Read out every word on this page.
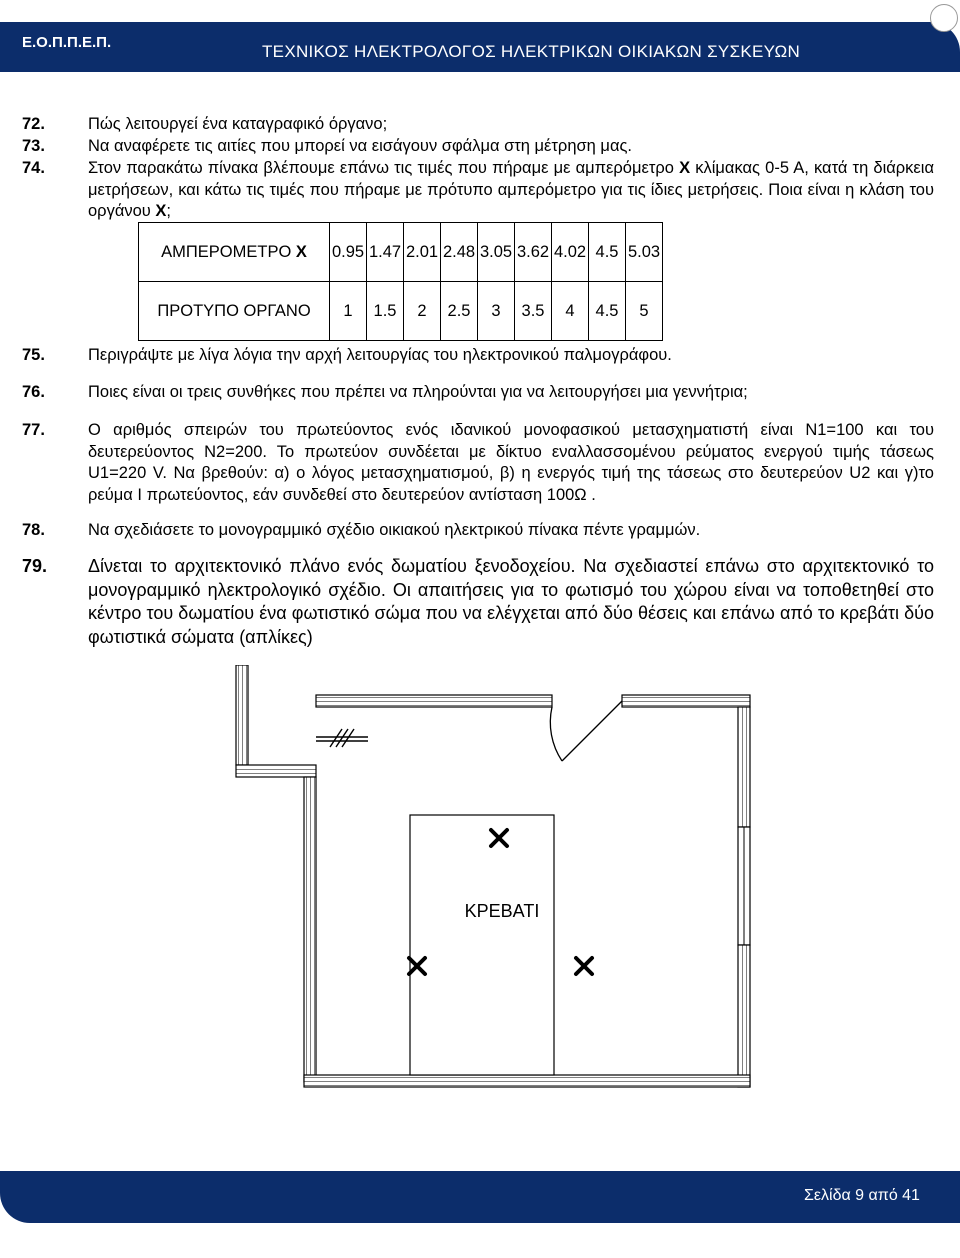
Ε.Ο.Π.Π.Ε.Π.	ΤΕΧΝΙΚΟΣ ΗΛΕΚΤΡΟΛΟΓΟΣ ΗΛΕΚΤΡΙΚΩΝ ΟΙΚΙΑΚΩΝ ΣΥΣΚΕΥΩΝ
72.	Πώς λειτουργεί ένα καταγραφικό όργανο;
73.	Να αναφέρετε τις αιτίες που μπορεί να εισάγουν σφάλμα στη μέτρηση μας.
74.	Στον παρακάτω πίνακα βλέπουμε επάνω τις τιμές που πήραμε με αμπερόμετρο Χ κλίμακας 0-5 Α, κατά τη διάρκεια μετρήσεων, και κάτω τις τιμές που πήραμε με πρότυπο αμπερόμετρο για τις ίδιες μετρήσεις. Ποια είναι η κλάση του οργάνου Χ;
ΑΜΠΕΡΟΜΕΤΡΟ Χ	0.95	1.47	2.01	2.48	3.05	3.62	4.02	4.5	5.03
ΠΡΟΤΥΠΟ ΟΡΓΑΝΟ	1	1.5	2	2.5	3	3.5	4	4.5	5
75.	Περιγράψτε με λίγα λόγια την αρχή λειτουργίας του ηλεκτρονικού παλμογράφου.
76.	Ποιες είναι οι τρεις συνθήκες που πρέπει να πληρούνται για να λειτουργήσει μια γεννήτρια;
77.	Ο αριθμός σπειρών του πρωτεύοντος ενός ιδανικού μονοφασικού μετασχηματιστή είναι Ν1=100 και του δευτερεύοντος Ν2=200. Το πρωτεύον συνδέεται με δίκτυο εναλλασσομένου ρεύματος ενεργού τιμής τάσεως U1=220 V. Να βρεθούν: α) ο λόγος μετασχηματισμού, β) η ενεργός τιμή της τάσεως στο δευτερεύον U2 και γ)το ρεύμα Ι πρωτεύοντος, εάν συνδεθεί στο δευτερεύον αντίσταση 100Ω .
78.	Να σχεδιάσετε το μονογραμμικό σχέδιο οικιακού ηλεκτρικού πίνακα πέντε γραμμών.
79. Δίνεται το αρχιτεκτονικό πλάνο ενός δωματίου ξενοδοχείου. Να σχεδιαστεί επάνω στο αρχιτεκτονικό το μονογραμμικό ηλεκτρολογικό σχέδιο. Οι απαιτήσεις για το φωτισμό του χώρου είναι να τοποθετηθεί στο κέντρο του δωματίου ένα φωτιστικό σώμα που να ελέγχεται από δύο θέσεις και επάνω από το κρεβάτι δύο φωτιστικά σώματα (απλίκες)
ΚΡΕΒΑΤΙ
Σελίδα 9 από 41
